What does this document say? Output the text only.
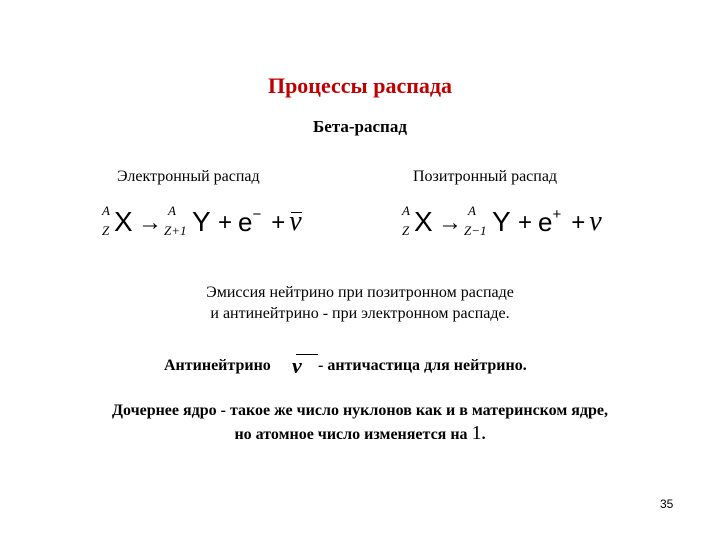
Процессы распада
Бета-распад
Электронный распад	Позитронный распад
A
Z X → A
Z+1 Y + e− + ν	A
Z X → A
Z−1 Y + e+ + ν
Эмиссия нейтрино при позитронном распаде
и антинейтрино - при электронном распаде.
Антинейтрино ν - античастица для нейтрино.
Дочернее ядро - такое же число нуклонов как и в материнском ядре,
но атомное число изменяется на 1.
35
